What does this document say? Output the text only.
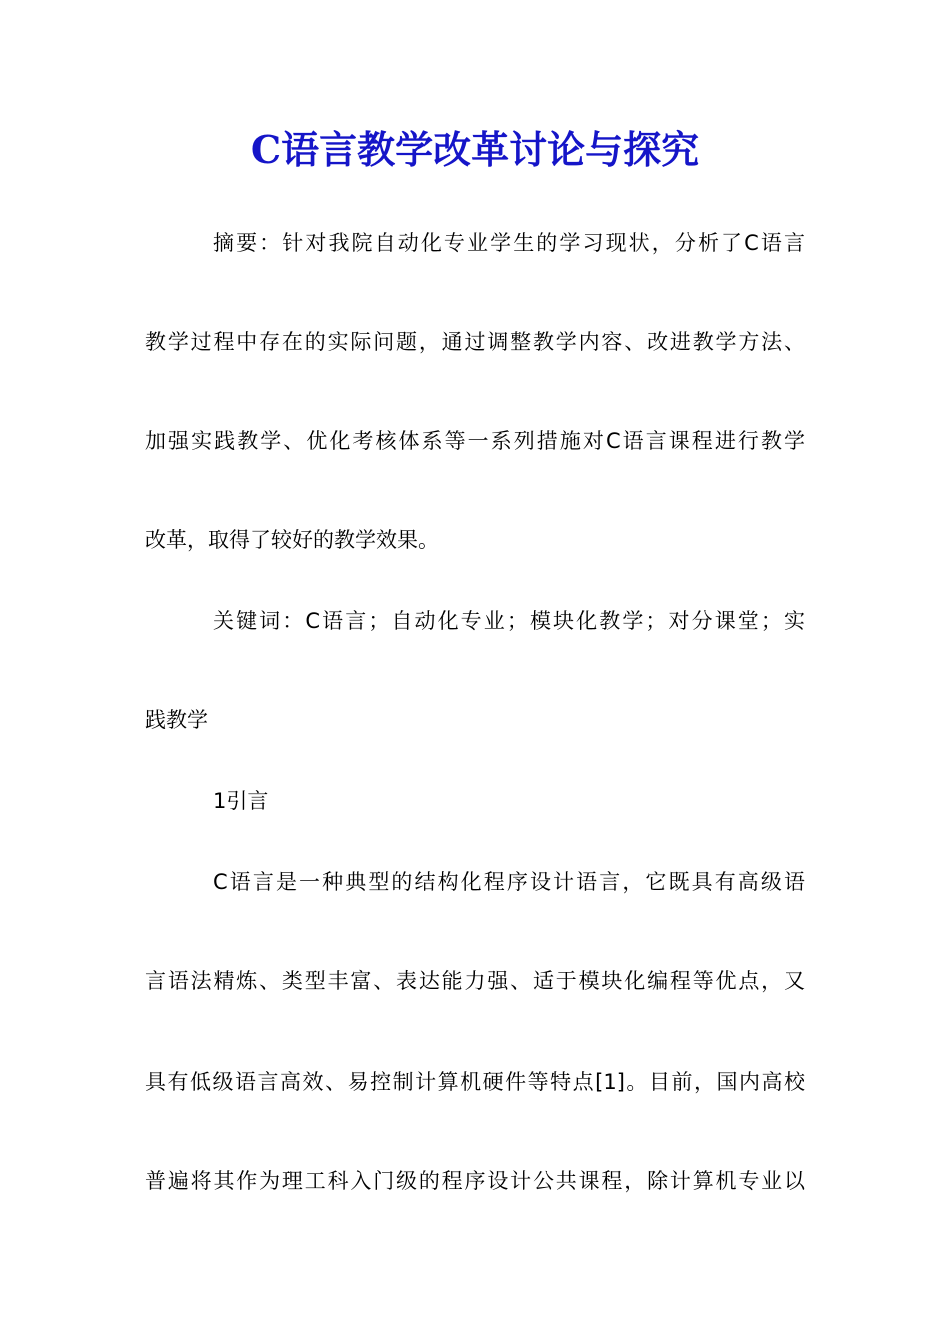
C语言教学改革讨论与探究
摘要：针对我院自动化专业学生的学习现状，分析了C语言
教学过程中存在的实际问题，通过调整教学内容、改进教学方法、
加强实践教学、优化考核体系等一系列措施对C语言课程进行教学
改革，取得了较好的教学效果。
关键词：C语言；自动化专业；模块化教学；对分课堂；实
践教学
1引言
C语言是一种典型的结构化程序设计语言，它既具有高级语
言语法精炼、类型丰富、表达能力强、适于模块化编程等优点，又
具有低级语言高效、易控制计算机硬件等特点[1]。目前，国内高校
普遍将其作为理工科入门级的程序设计公共课程，除计算机专业以
